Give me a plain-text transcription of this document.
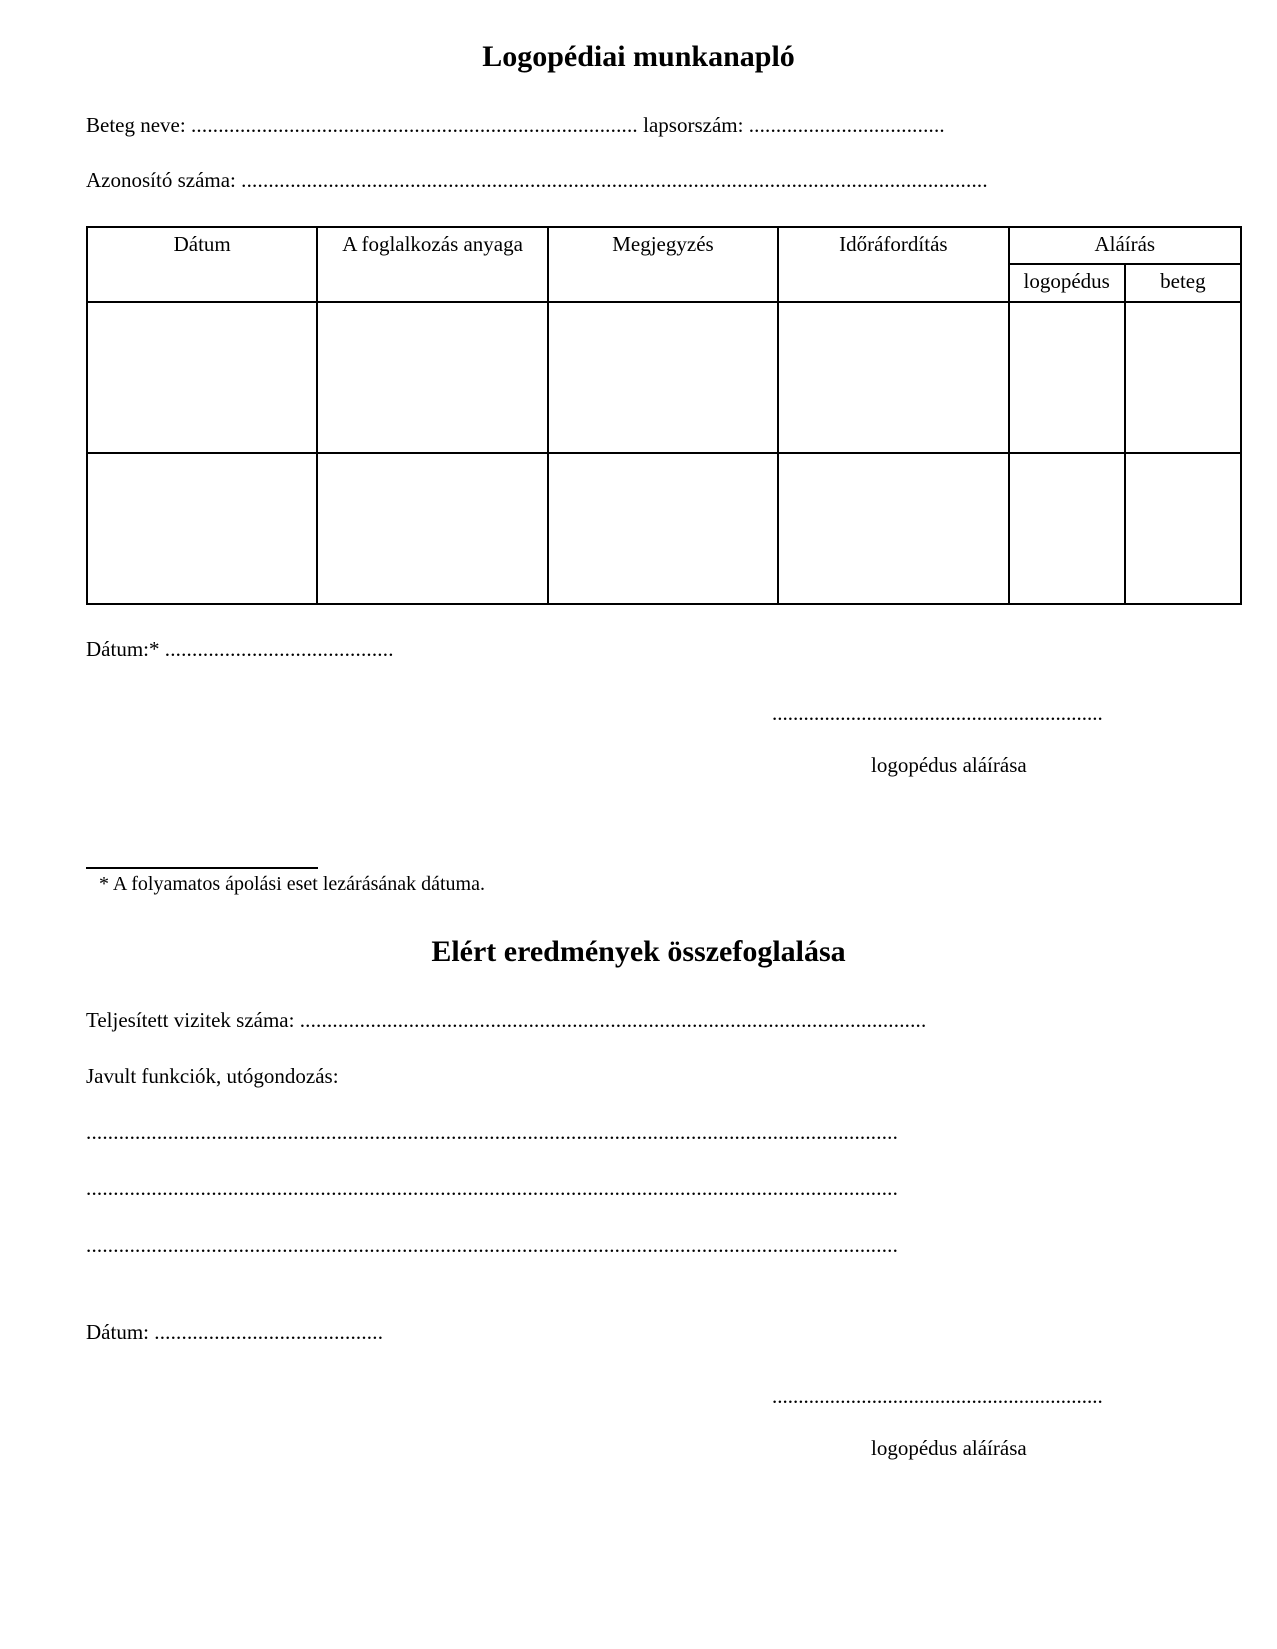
Logopédiai munkanapló
Beteg neve: .................................................................................. lapsorszám: ....................................
Azonosító száma: .........................................................................................................................................
Dátum	A foglalkozás anyaga	Megjegyzés	Időráfordítás	Aláírás	
				logopédus	beteg

Dátum:* ..........................................
...............................................................
logopédus aláírása
* A folyamatos ápolási eset lezárásának dátuma.
Elért eredmények összefoglalása
Teljesített vizitek száma: ...................................................................................................................
Javult funkciók, utógondozás:
.....................................................................................................................................................
.....................................................................................................................................................
.....................................................................................................................................................
Dátum: ..........................................
...............................................................
logopédus aláírása
